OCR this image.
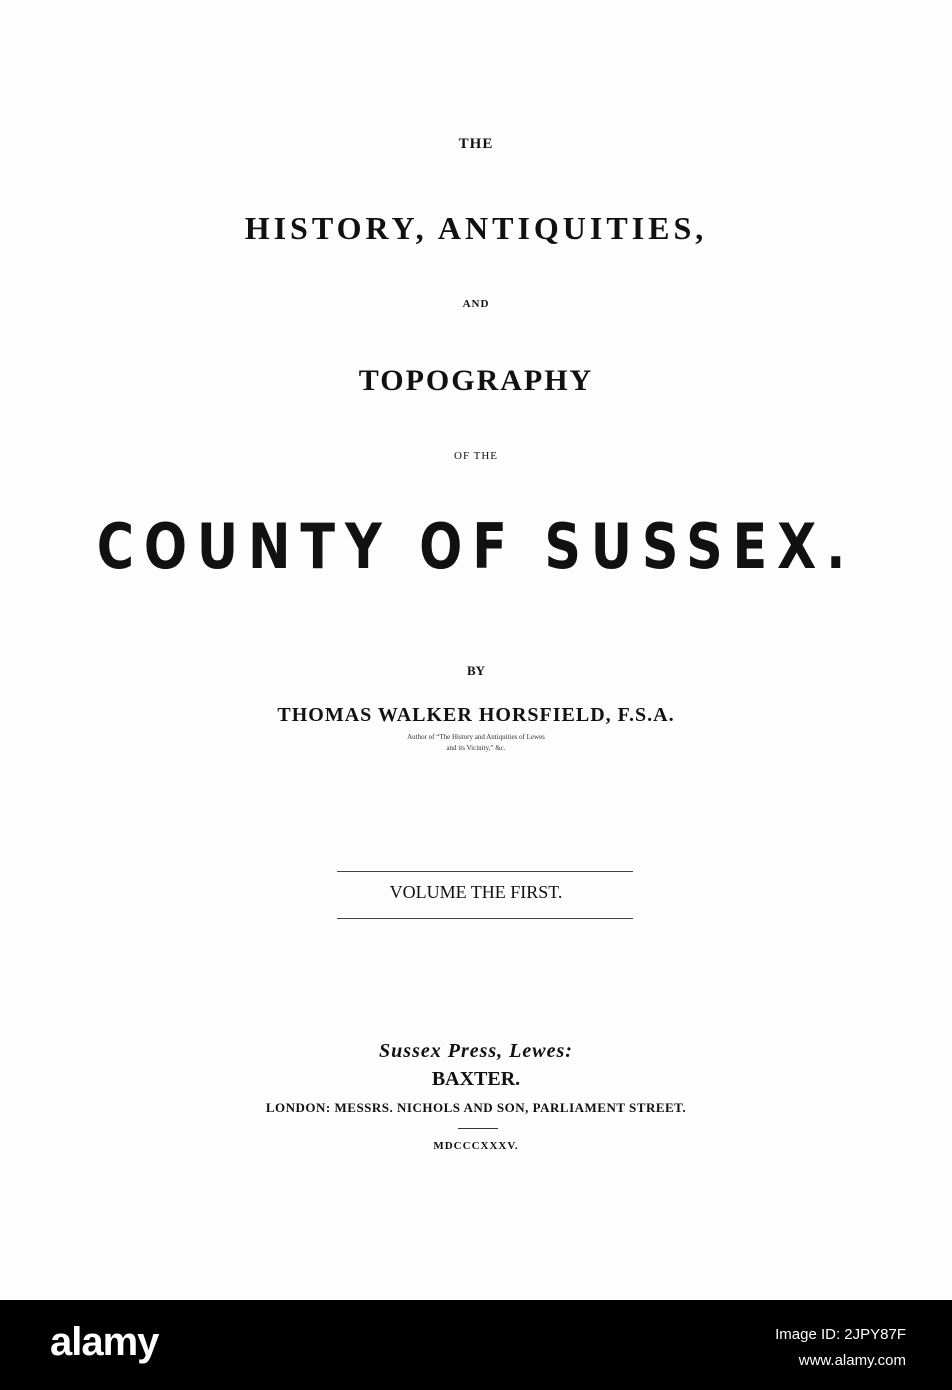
THE
HISTORY, ANTIQUITIES,
AND
TOPOGRAPHY
OF THE
COUNTY OF SUSSEX.
BY
THOMAS WALKER HORSFIELD, F.S.A.
Author of “The History and Antiquities of Lewes
and its Vicinity,” &c.
VOLUME THE FIRST.
Sussex Press, Lewes:
BAXTER.
LONDON: MESSRS. NICHOLS AND SON, PARLIAMENT STREET.
MDCCCXXXV.
alamy	Image ID: 2JPY87F
www.alamy.com
